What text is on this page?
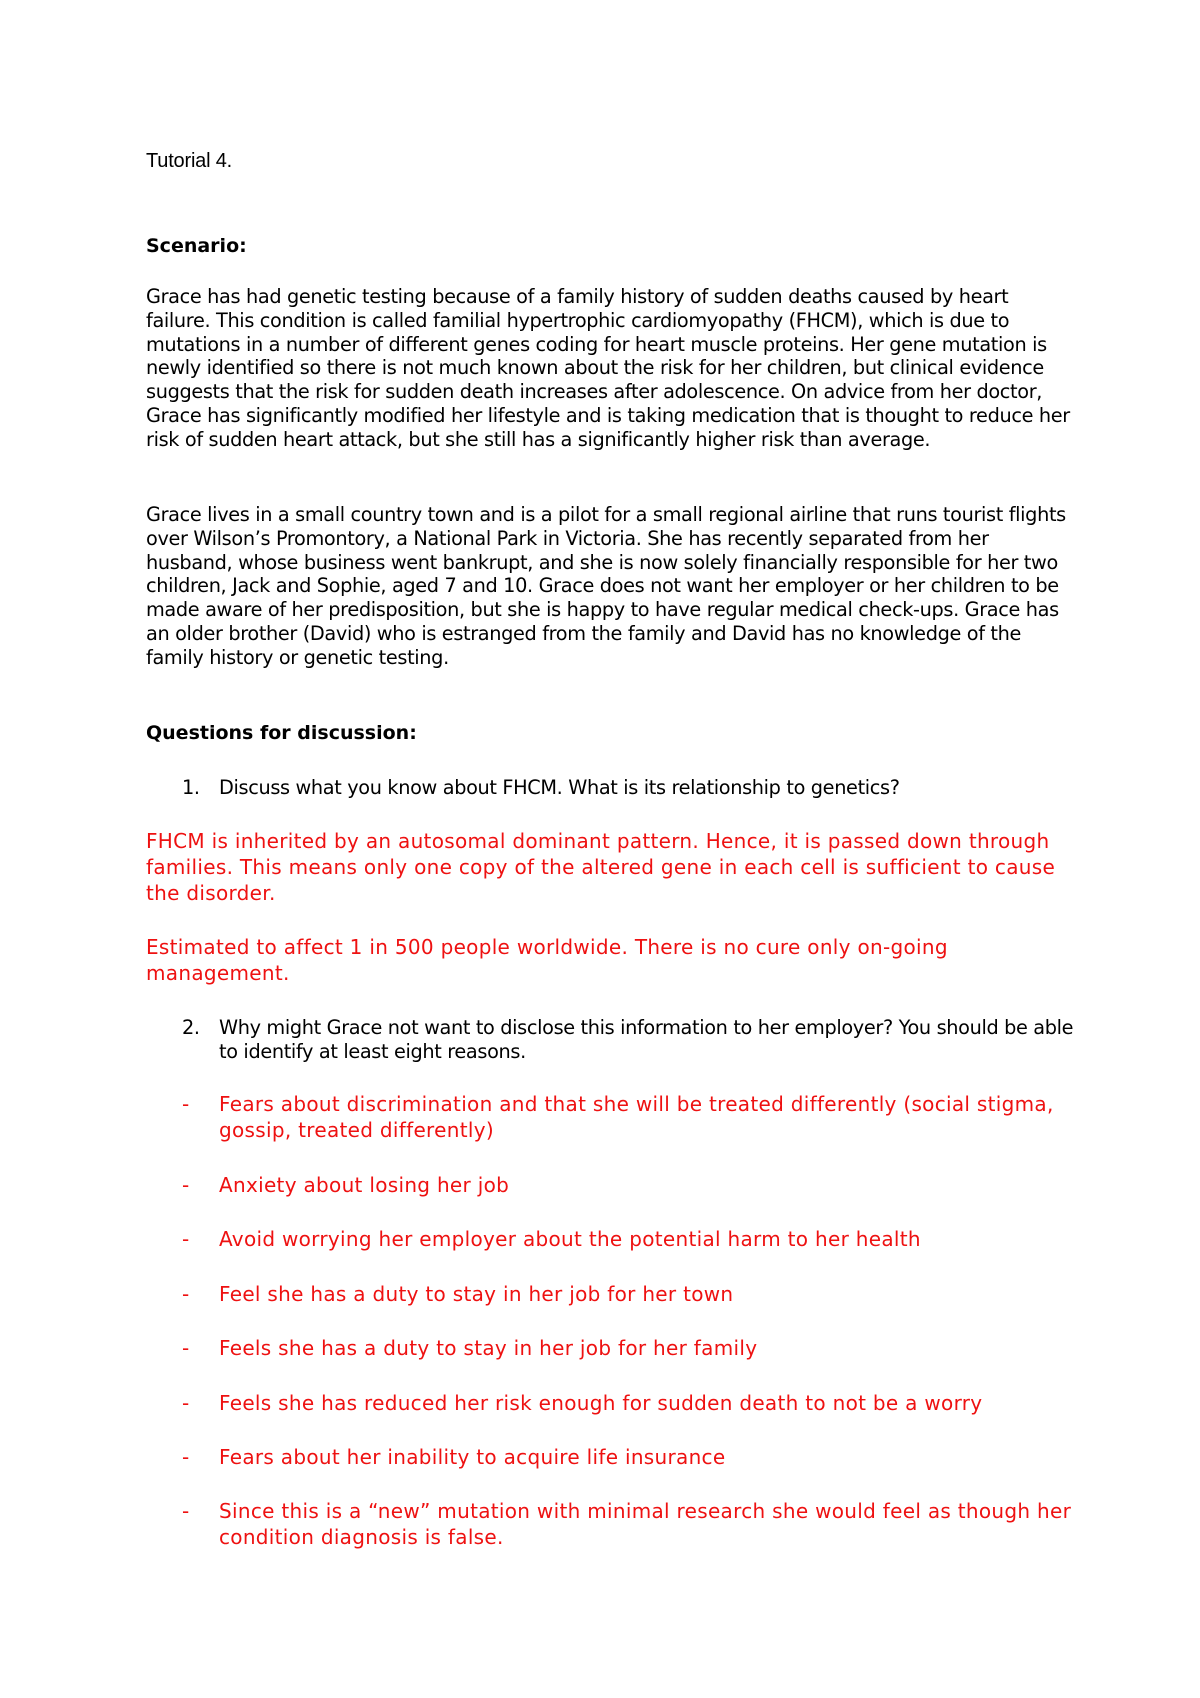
Tutorial 4.
Scenario:

Grace has had genetic testing because of a family history of sudden deaths caused by heart failure. This condition is called familial hypertrophic cardiomyopathy (FHCM), which is due to mutations in a number of different genes coding for heart muscle proteins. Her gene mutation is newly identified so there is not much known about the risk for her children, but clinical evidence suggests that the risk for sudden death increases after adolescence. On advice from her doctor, Grace has significantly modified her lifestyle and is taking medication that is thought to reduce her risk of sudden heart attack, but she still has a significantly higher risk than average.

Grace lives in a small country town and is a pilot for a small regional airline that runs tourist flights over Wilson’s Promontory, a National Park in Victoria. She has recently separated from her husband, whose business went bankrupt, and she is now solely financially responsible for her two children, Jack and Sophie, aged 7 and 10. Grace does not want her employer or her children to be made aware of her predisposition, but she is happy to have regular medical check-ups. Grace has an older brother (David) who is estranged from the family and David has no knowledge of the family history or genetic testing.

Questions for discussion:
1. Discuss what you know about FHCM. What is its relationship to genetics?

FHCM is inherited by an autosomal dominant pattern. Hence, it is passed down through families. This means only one copy of the altered gene in each cell is sufficient to cause the disorder.

Estimated to affect 1 in 500 people worldwide. There is no cure only on-going management.

2. Why might Grace not want to disclose this information to her employer? You should be able to identify at least eight reasons.
- Fears about discrimination and that she will be treated differently (social stigma, gossip, treated differently)
- Anxiety about losing her job
- Avoid worrying her employer about the potential harm to her health
- Feel she has a duty to stay in her job for her town
- Feels she has a duty to stay in her job for her family
- Feels she has reduced her risk enough for sudden death to not be a worry
- Fears about her inability to acquire life insurance
- Since this is a “new” mutation with minimal research she would feel as though her condition diagnosis is false.
